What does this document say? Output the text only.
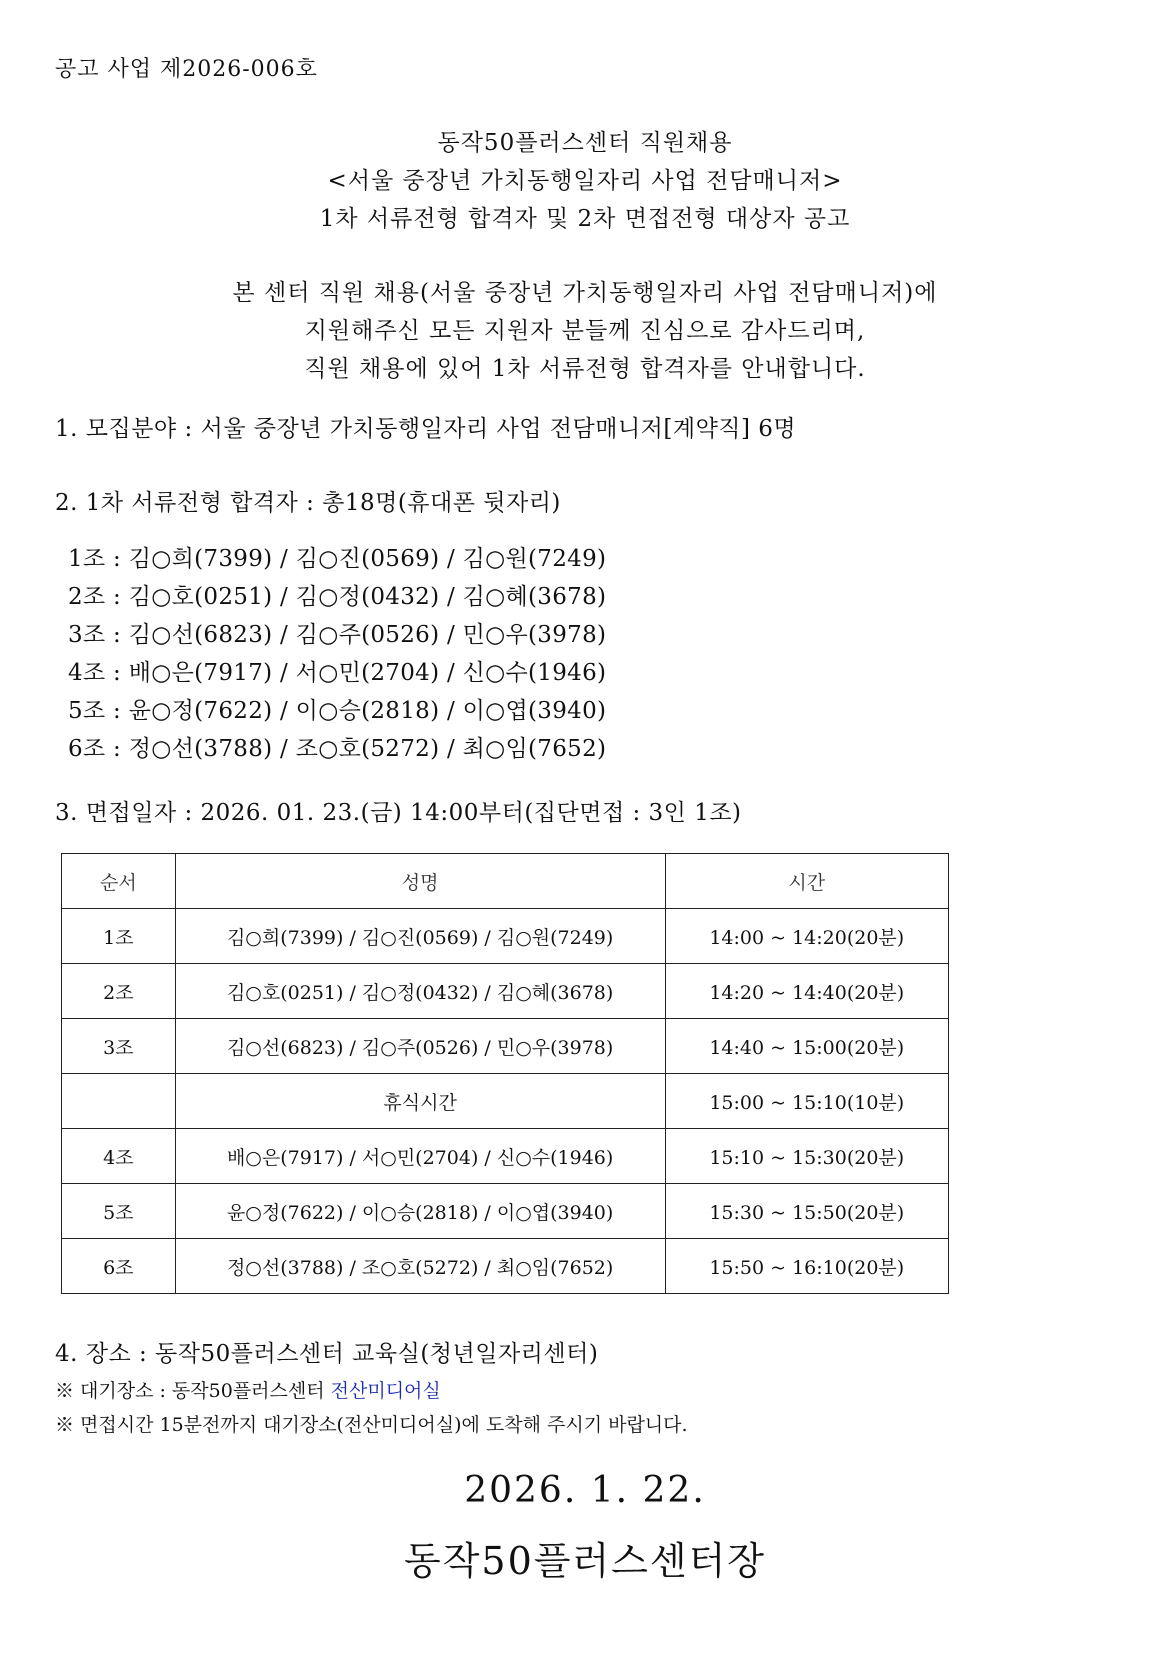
공고 사업 제2026-006호
동작50플러스센터 직원채용
<서울 중장년 가치동행일자리 사업 전담매니저>
1차 서류전형 합격자 및 2차 면접전형 대상자 공고
본 센터 직원 채용(서울 중장년 가치동행일자리 사업 전담매니저)에
지원해주신 모든 지원자 분들께 진심으로 감사드리며,
직원 채용에 있어 1차 서류전형 합격자를 안내합니다.
1. 모집분야 : 서울 중장년 가치동행일자리 사업 전담매니저[계약직] 6명
2. 1차 서류전형 합격자 : 총18명(휴대폰 뒷자리)
1조 : 김○희(7399) / 김○진(0569) / 김○원(7249)
2조 : 김○호(0251) / 김○정(0432) / 김○혜(3678)
3조 : 김○선(6823) / 김○주(0526) / 민○우(3978)
4조 : 배○은(7917) / 서○민(2704) / 신○수(1946)
5조 : 윤○정(7622) / 이○승(2818) / 이○엽(3940)
6조 : 정○선(3788) / 조○호(5272) / 최○임(7652)
3. 면접일자 : 2026. 01. 23.(금) 14:00부터(집단면접 : 3인 1조)
순서	성명	시간
1조	김○희(7399) / 김○진(0569) / 김○원(7249)	14:00 ~ 14:20(20분)
2조	김○호(0251) / 김○정(0432) / 김○혜(3678)	14:20 ~ 14:40(20분)
3조	김○선(6823) / 김○주(0526) / 민○우(3978)	14:40 ~ 15:00(20분)
	휴식시간	15:00 ~ 15:10(10분)
4조	배○은(7917) / 서○민(2704) / 신○수(1946)	15:10 ~ 15:30(20분)
5조	윤○정(7622) / 이○승(2818) / 이○엽(3940)	15:30 ~ 15:50(20분)
6조	정○선(3788) / 조○호(5272) / 최○임(7652)	15:50 ~ 16:10(20분)
4. 장소 : 동작50플러스센터 교육실(청년일자리센터)
※ 대기장소 : 동작50플러스센터 전산미디어실
※ 면접시간 15분전까지 대기장소(전산미디어실)에 도착해 주시기 바랍니다.
2026. 1. 22.
동작50플러스센터장
